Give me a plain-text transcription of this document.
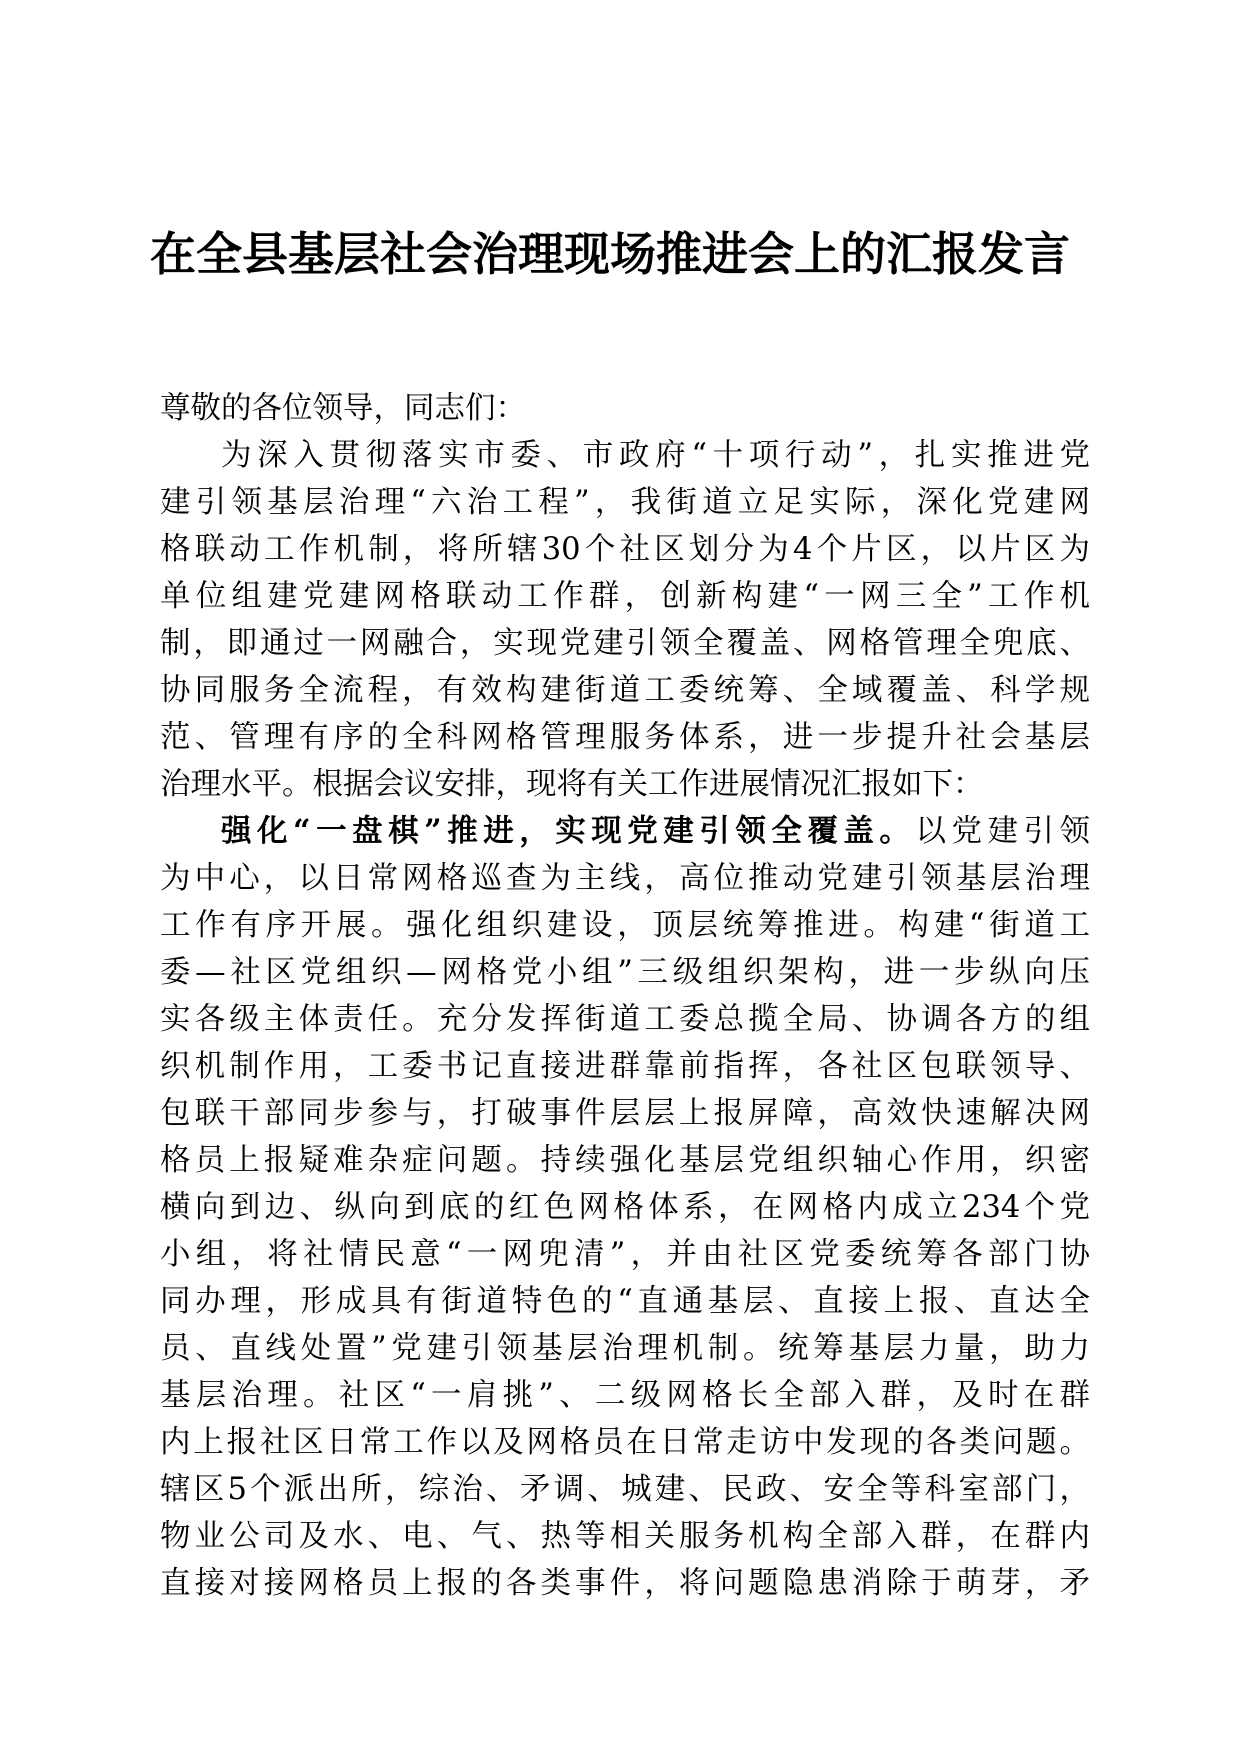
在全县基层社会治理现场推进会上的汇报发言
尊敬的各位领导，同志们：
为深入贯彻落实市委、市政府“十项行动”，扎实推进党
建引领基层治理“六治工程”，我街道立足实际，深化党建网
格联动工作机制，将所辖30个社区划分为4个片区，以片区为
单位组建党建网格联动工作群，创新构建“一网三全”工作机
制，即通过一网融合，实现党建引领全覆盖、网格管理全兜底、
协同服务全流程，有效构建街道工委统筹、全域覆盖、科学规
范、管理有序的全科网格管理服务体系，进一步提升社会基层
治理水平。根据会议安排，现将有关工作进展情况汇报如下：
强化“一盘棋”推进，实现党建引领全覆盖。以党建引领
为中心，以日常网格巡查为主线，高位推动党建引领基层治理
工作有序开展。强化组织建设，顶层统筹推进。构建“街道工
委—社区党组织—网格党小组”三级组织架构，进一步纵向压
实各级主体责任。充分发挥街道工委总揽全局、协调各方的组
织机制作用，工委书记直接进群靠前指挥，各社区包联领导、
包联干部同步参与，打破事件层层上报屏障，高效快速解决网
格员上报疑难杂症问题。持续强化基层党组织轴心作用，织密
横向到边、纵向到底的红色网格体系，在网格内成立234个党
小组，将社情民意“一网兜清”，并由社区党委统筹各部门协
同办理，形成具有街道特色的“直通基层、直接上报、直达全
员、直线处置”党建引领基层治理机制。统筹基层力量，助力
基层治理。社区“一肩挑”、二级网格长全部入群，及时在群
内上报社区日常工作以及网格员在日常走访中发现的各类问题。
辖区5个派出所，综治、矛调、城建、民政、安全等科室部门，
物业公司及水、电、气、热等相关服务机构全部入群，在群内
直接对接网格员上报的各类事件，将问题隐患消除于萌芽，矛
